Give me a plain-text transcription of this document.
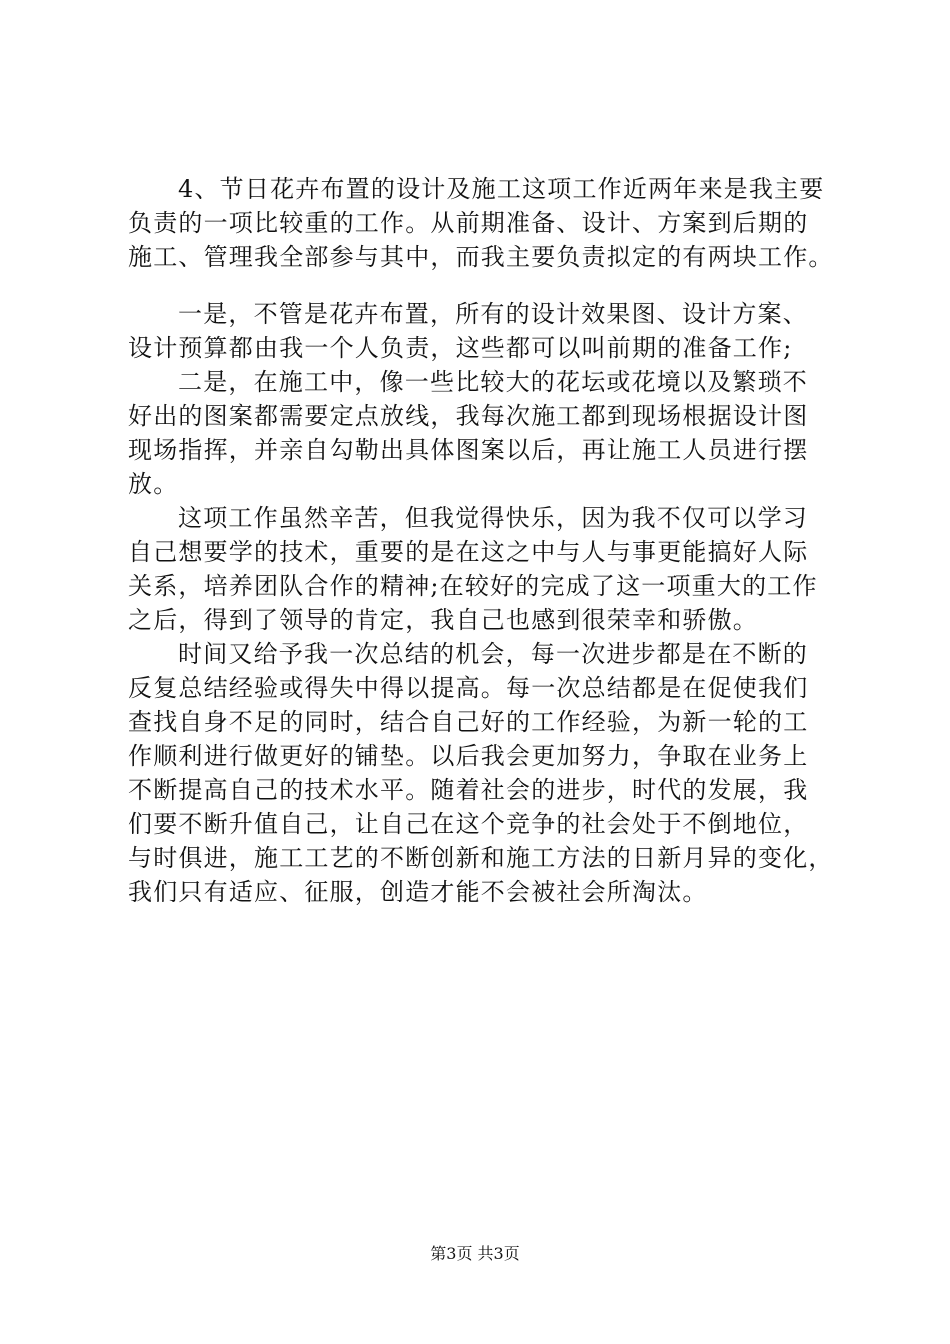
4、节日花卉布置的设计及施工这项工作近两年来是我主要
负责的一项比较重的工作。从前期准备、设计、方案到后期的
施工、管理我全部参与其中，而我主要负责拟定的有两块工作。
一是，不管是花卉布置，所有的设计效果图、设计方案、
设计预算都由我一个人负责，这些都可以叫前期的准备工作;
二是，在施工中，像一些比较大的花坛或花境以及繁琐不
好出的图案都需要定点放线，我每次施工都到现场根据设计图
现场指挥，并亲自勾勒出具体图案以后，再让施工人员进行摆
放。
这项工作虽然辛苦，但我觉得快乐，因为我不仅可以学习
自己想要学的技术，重要的是在这之中与人与事更能搞好人际
关系，培养团队合作的精神;在较好的完成了这一项重大的工作
之后，得到了领导的肯定，我自己也感到很荣幸和骄傲。
时间又给予我一次总结的机会，每一次进步都是在不断的
反复总结经验或得失中得以提高。每一次总结都是在促使我们
查找自身不足的同时，结合自己好的工作经验，为新一轮的工
作顺利进行做更好的铺垫。以后我会更加努力，争取在业务上
不断提高自己的技术水平。随着社会的进步，时代的发展，我
们要不断升值自己，让自己在这个竞争的社会处于不倒地位，
与时俱进，施工工艺的不断创新和施工方法的日新月异的变化，
我们只有适应、征服，创造才能不会被社会所淘汰。
第3页 共3页
